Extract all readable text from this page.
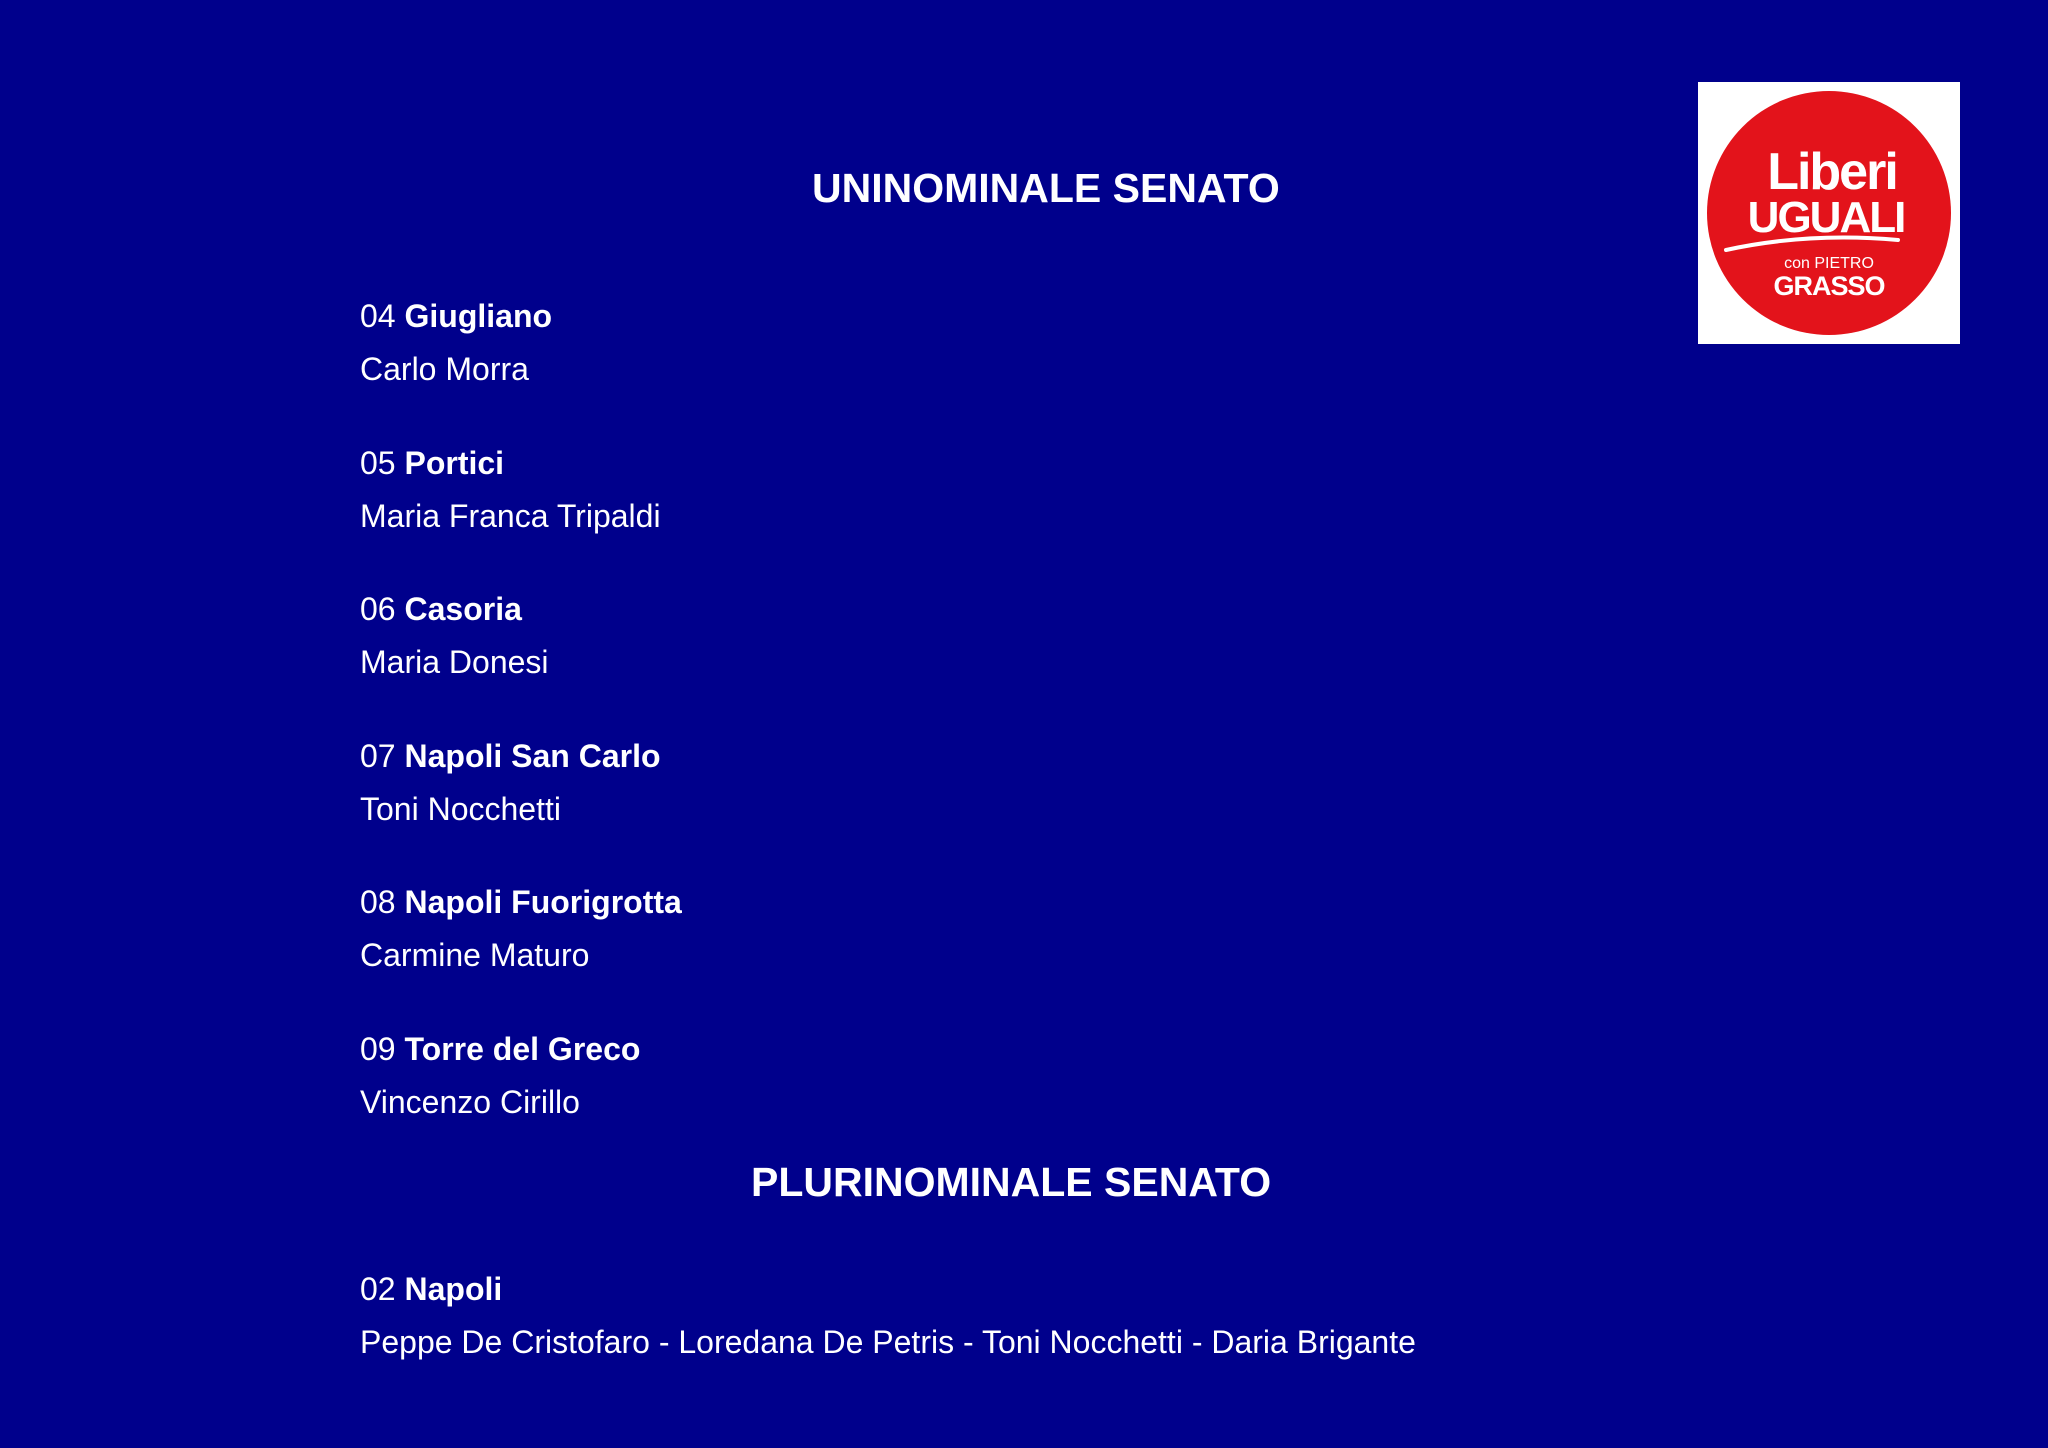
UNINOMINALE SENATO
04 Giugliano
Carlo Morra
05 Portici
Maria Franca Tripaldi
06 Casoria
Maria Donesi
07 Napoli San Carlo
Toni Nocchetti
08 Napoli Fuorigrotta
Carmine Maturo
09 Torre del Greco
Vincenzo Cirillo
PLURINOMINALE SENATO
02 Napoli
Peppe De Cristofaro - Loredana De Petris - Toni Nocchetti - Daria Brigante
Liberi
UGUALI
con PIETRO
GRASSO
